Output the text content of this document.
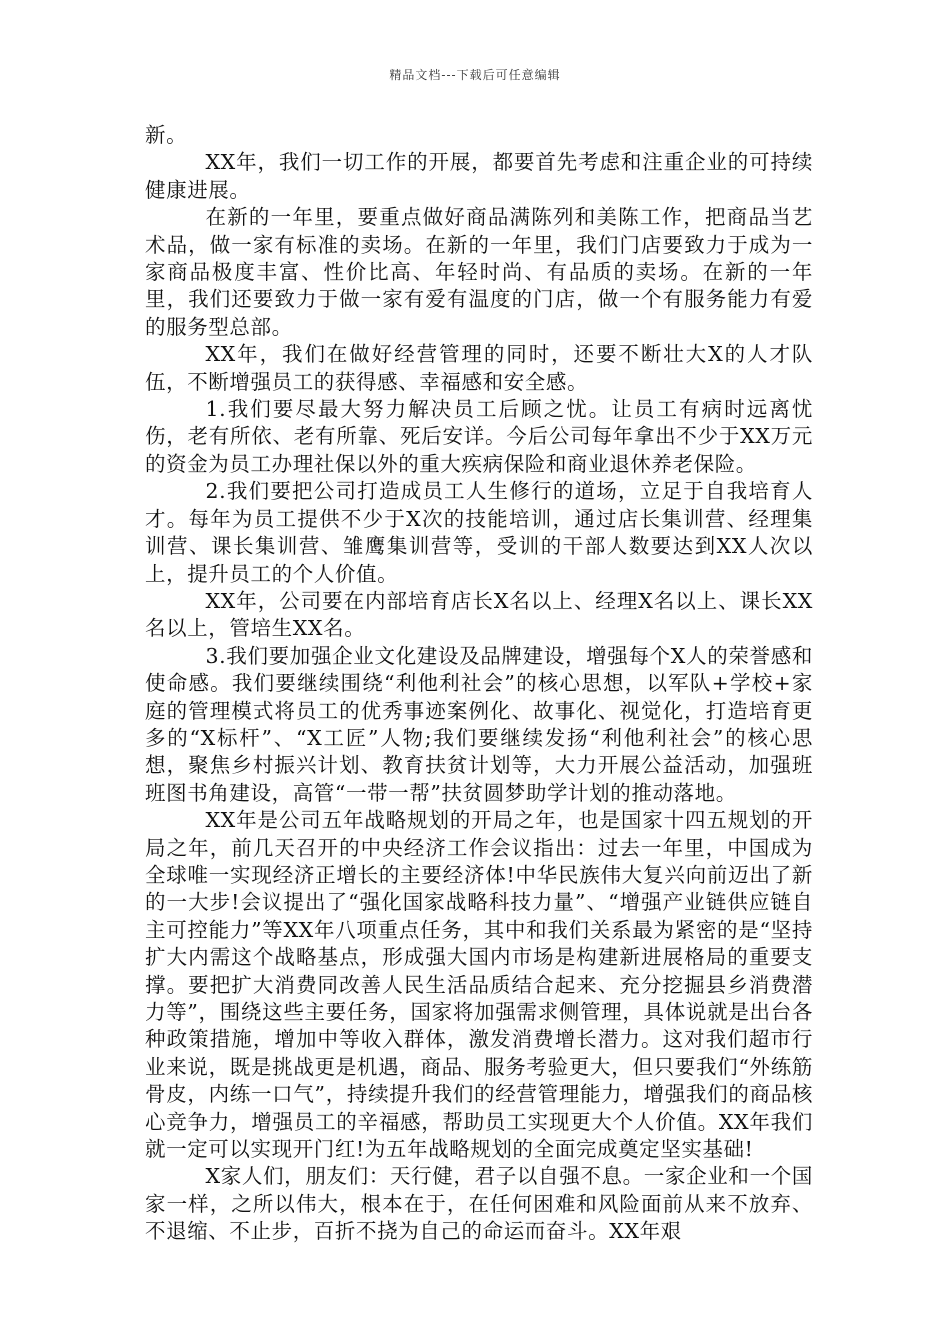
精品文档---下载后可任意编辑

新。

XX年，我们一切工作的开展，都要首先考虑和注重企业的可持续健康进展。

在新的一年里，要重点做好商品满陈列和美陈工作，把商品当艺术品，做一家有标准的卖场。在新的一年里，我们门店要致力于成为一家商品极度丰富、性价比高、年轻时尚、有品质的卖场。在新的一年里，我们还要致力于做一家有爱有温度的门店，做一个有服务能力有爱的服务型总部。

XX年，我们在做好经营管理的同时，还要不断壮大X的人才队伍，不断增强员工的获得感、幸福感和安全感。

1.我们要尽最大努力解决员工后顾之忧。让员工有病时远离忧伤，老有所依、老有所靠、死后安详。今后公司每年拿出不少于XX万元的资金为员工办理社保以外的重大疾病保险和商业退休养老保险。

2.我们要把公司打造成员工人生修行的道场，立足于自我培育人才。每年为员工提供不少于X次的技能培训，通过店长集训营、经理集训营、课长集训营、雏鹰集训营等，受训的干部人数要达到XX人次以上，提升员工的个人价值。

XX年，公司要在内部培育店长X名以上、经理X名以上、课长XX名以上，管培生XX名。

3.我们要加强企业文化建设及品牌建设，增强每个X人的荣誉感和使命感。我们要继续围绕“利他利社会”的核心思想，以军队+学校+家庭的管理模式将员工的优秀事迹案例化、故事化、视觉化，打造培育更多的“X标杆”、“X工匠”人物;我们要继续发扬“利他利社会”的核心思想，聚焦乡村振兴计划、教育扶贫计划等，大力开展公益活动，加强班班图书角建设，高管“一带一帮”扶贫圆梦助学计划的推动落地。

XX年是公司五年战略规划的开局之年，也是国家十四五规划的开局之年，前几天召开的中央经济工作会议指出：过去一年里，中国成为全球唯一实现经济正增长的主要经济体!中华民族伟大复兴向前迈出了新的一大步!会议提出了“强化国家战略科技力量”、“增强产业链供应链自主可控能力”等XX年八项重点任务，其中和我们关系最为紧密的是“坚持扩大内需这个战略基点，形成强大国内市场是构建新进展格局的重要支撑。要把扩大消费同改善人民生活品质结合起来、充分挖掘县乡消费潜力等”，围绕这些主要任务，国家将加强需求侧管理，具体说就是出台各种政策措施，增加中等收入群体，激发消费增长潜力。这对我们超市行业来说，既是挑战更是机遇，商品、服务考验更大，但只要我们“外练筋骨皮，内练一口气”，持续提升我们的经营管理能力，增强我们的商品核心竞争力，增强员工的辛福感，帮助员工实现更大个人价值。XX年我们就一定可以实现开门红!为五年战略规划的全面完成奠定坚实基础!

X家人们，朋友们：天行健，君子以自强不息。一家企业和一个国家一样，之所以伟大，根本在于，在任何困难和风险面前从来不放弃、不退缩、不止步，百折不挠为自己的命运而奋斗。XX年艰
